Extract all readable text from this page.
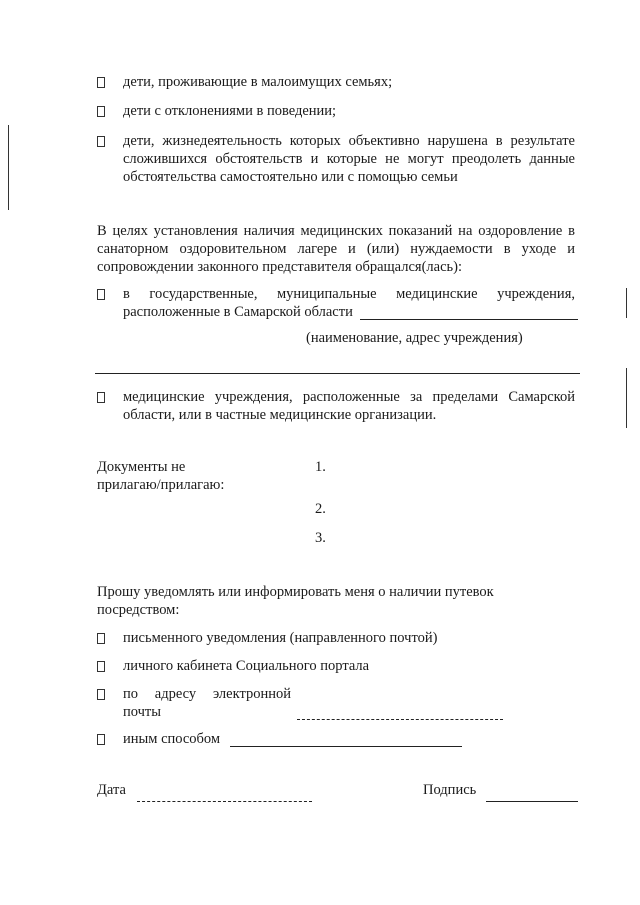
дети, проживающие в малоимущих семьях;
дети с отклонениями в поведении;
дети, жизнедеятельность которых объективно нарушена в результате
сложившихся обстоятельств и которые не могут преодолеть данные
обстоятельства самостоятельно или с помощью семьи
В целях установления наличия медицинских показаний на оздоровление в
санаторном оздоровительном лагере и (или) нуждаемости в уходе и
сопровождении законного представителя обращался(лась):
в государственные, муниципальные медицинские учреждения,
расположенные в Самарской области
(наименование, адрес учреждения)
медицинские учреждения, расположенные за пределами Самарской
области, или в частные медицинские организации.
Документы не
прилагаю/прилагаю:
1.
2.
3.
Прошу уведомлять или информировать меня о наличии путевок
посредством:
письменного уведомления (направленного почтой)
личного кабинета Социального портала
по адресу электронной
почты
иным способом
Дата	Подпись
